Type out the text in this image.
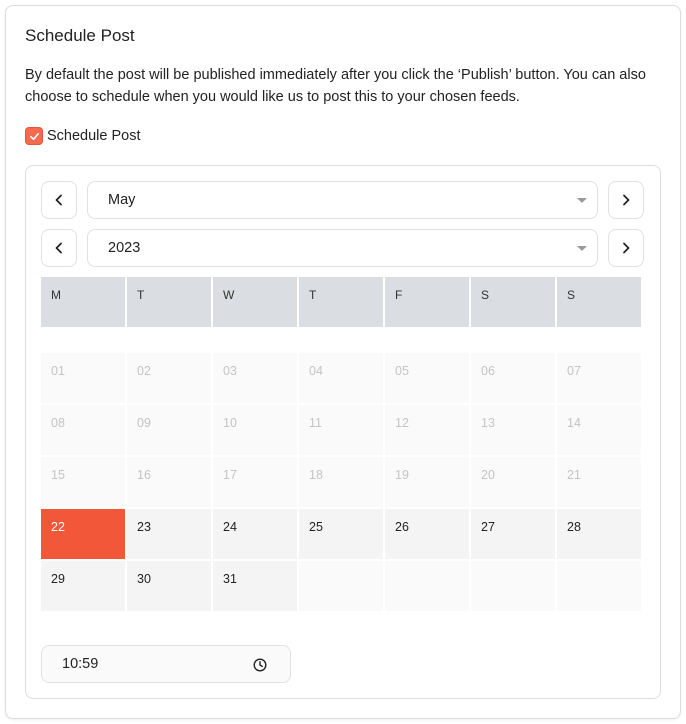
Schedule Post
By default the post will be published immediately after you click the ‘Publish’ button. You can also choose to schedule when you would like us to post this to your chosen feeds.
Schedule Post
May
2023
M	T	W	T	F	S	S
01	02	03	04	05	06	07
08	09	10	11	12	13	14
15	16	17	18	19	20	21
22	23	24	25	26	27	28
29	30	31
10:59
